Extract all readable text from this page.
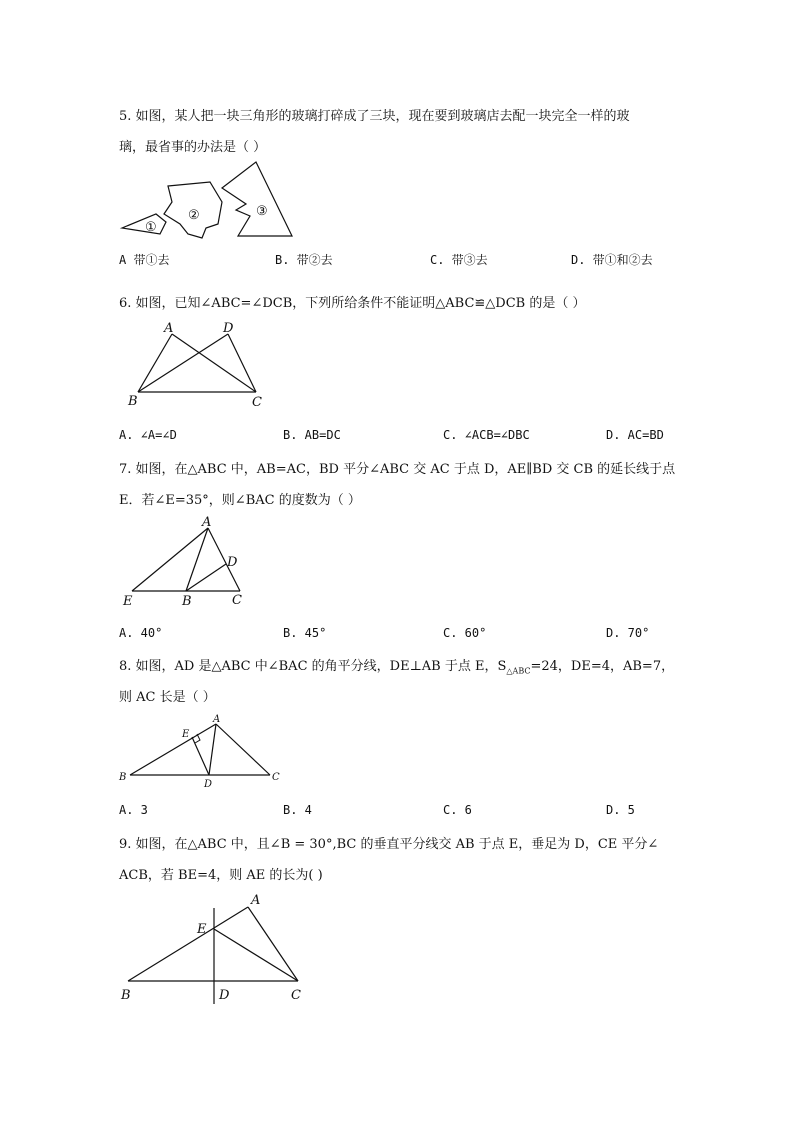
5. 如图，某人把一块三角形的玻璃打碎成了三块，现在要到玻璃店去配一块完全一样的玻
璃，最省事的办法是（ ）
①
②	③
A 带①去	B. 带②去	C. 带③去	D. 带①和②去
6. 如图，已知∠ABC=∠DCB，下列所给条件不能证明△ABC≌△DCB 的是（ ）
A	D
B	C
A. ∠A=∠D	B. AB=DC	C. ∠ACB=∠DBC	D. AC=BD
7. 如图，在△ABC 中，AB=AC，BD 平分∠ABC 交 AC 于点 D，AE∥BD 交 CB 的延长线于点
E．若∠E=35°，则∠BAC 的度数为（ ）
A
D
E	B	C
A. 40°	B. 45°	C. 60°	D. 70°
8. 如图，AD 是△ABC 中∠BAC 的角平分线，DE⊥AB 于点 E，$S_{\triangle ABC}=24$，DE=4，AB=7，
则 AC 长是（ ）
A
E
B
D
C
A. 3	B. 4	C. 6	D. 5
9. 如图，在△ABC 中，且∠B = 30°,BC 的垂直平分线交 AB 于点 E，垂足为 D，CE 平分∠
ACB，若 BE=4，则 AE 的长为( )
A
E
B	D	C
